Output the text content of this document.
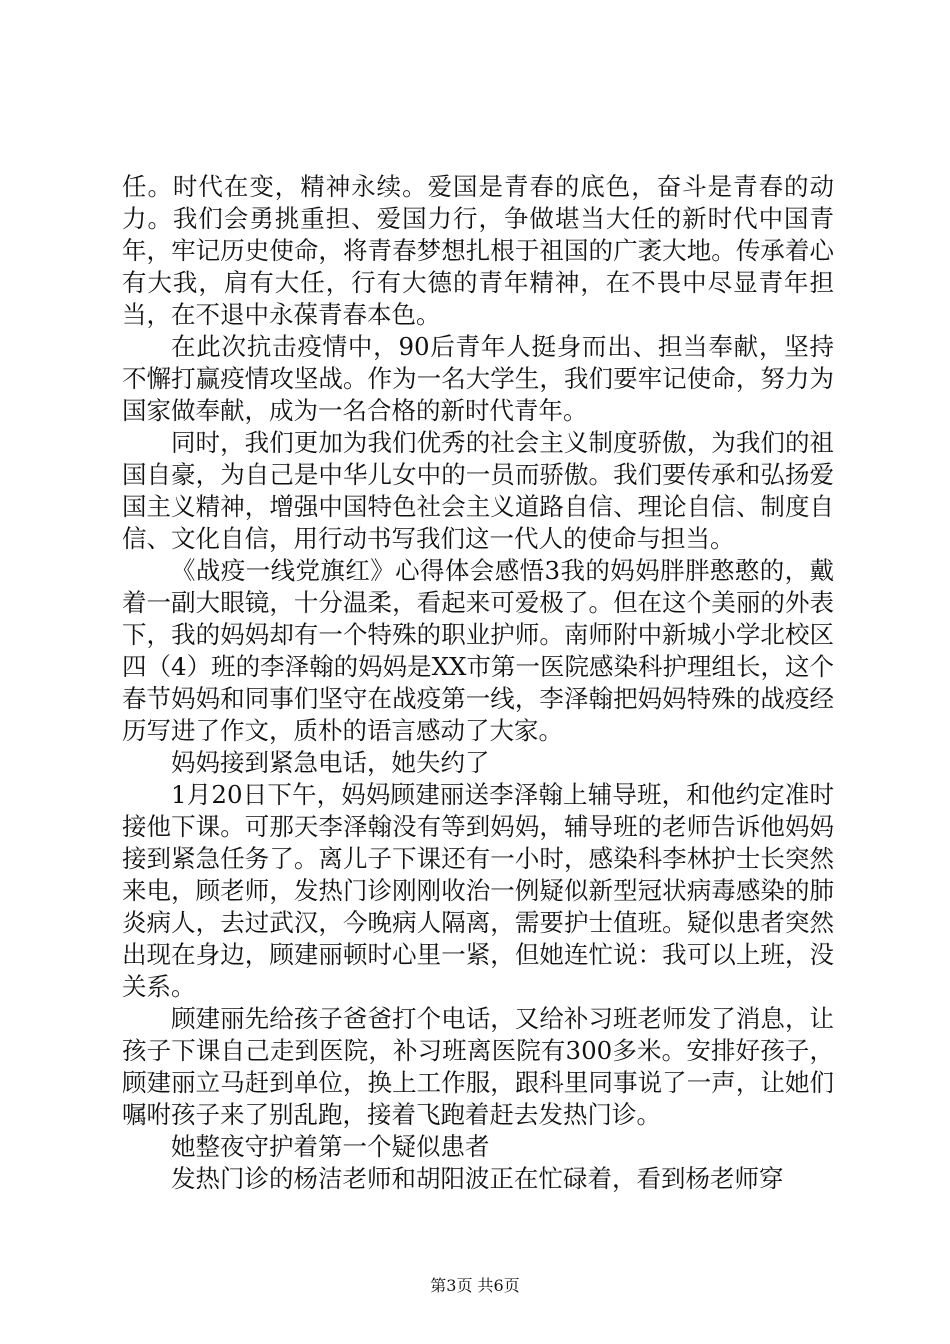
任。时代在变，精神永续。爱国是青春的底色，奋斗是青春的动力。我们会勇挑重担、爱国力行，争做堪当大任的新时代中国青年，牢记历史使命，将青春梦想扎根于祖国的广袤大地。传承着心有大我，肩有大任，行有大德的青年精神，在不畏中尽显青年担当，在不退中永葆青春本色。

在此次抗击疫情中，90后青年人挺身而出、担当奉献，坚持不懈打赢疫情攻坚战。作为一名大学生，我们要牢记使命，努力为国家做奉献，成为一名合格的新时代青年。

同时，我们更加为我们优秀的社会主义制度骄傲，为我们的祖国自豪，为自己是中华儿女中的一员而骄傲。我们要传承和弘扬爱国主义精神，增强中国特色社会主义道路自信、理论自信、制度自信、文化自信，用行动书写我们这一代人的使命与担当。

《战疫一线党旗红》心得体会感悟3我的妈妈胖胖憨憨的，戴着一副大眼镜，十分温柔，看起来可爱极了。但在这个美丽的外表下，我的妈妈却有一个特殊的职业护师。南师附中新城小学北校区四（4）班的李泽翰的妈妈是XX市第一医院感染科护理组长，这个春节妈妈和同事们坚守在战疫第一线，李泽翰把妈妈特殊的战疫经历写进了作文，质朴的语言感动了大家。

妈妈接到紧急电话，她失约了

1月20日下午，妈妈顾建丽送李泽翰上辅导班，和他约定准时接他下课。可那天李泽翰没有等到妈妈，辅导班的老师告诉他妈妈接到紧急任务了。离儿子下课还有一小时，感染科李林护士长突然来电，顾老师，发热门诊刚刚收治一例疑似新型冠状病毒感染的肺炎病人，去过武汉，今晚病人隔离，需要护士值班。疑似患者突然出现在身边，顾建丽顿时心里一紧，但她连忙说：我可以上班，没关系。

顾建丽先给孩子爸爸打个电话，又给补习班老师发了消息，让孩子下课自己走到医院，补习班离医院有300多米。安排好孩子，顾建丽立马赶到单位，换上工作服，跟科里同事说了一声，让她们嘱咐孩子来了别乱跑，接着飞跑着赶去发热门诊。

她整夜守护着第一个疑似患者

发热门诊的杨洁老师和胡阳波正在忙碌着，看到杨老师穿

第3页 共6页
